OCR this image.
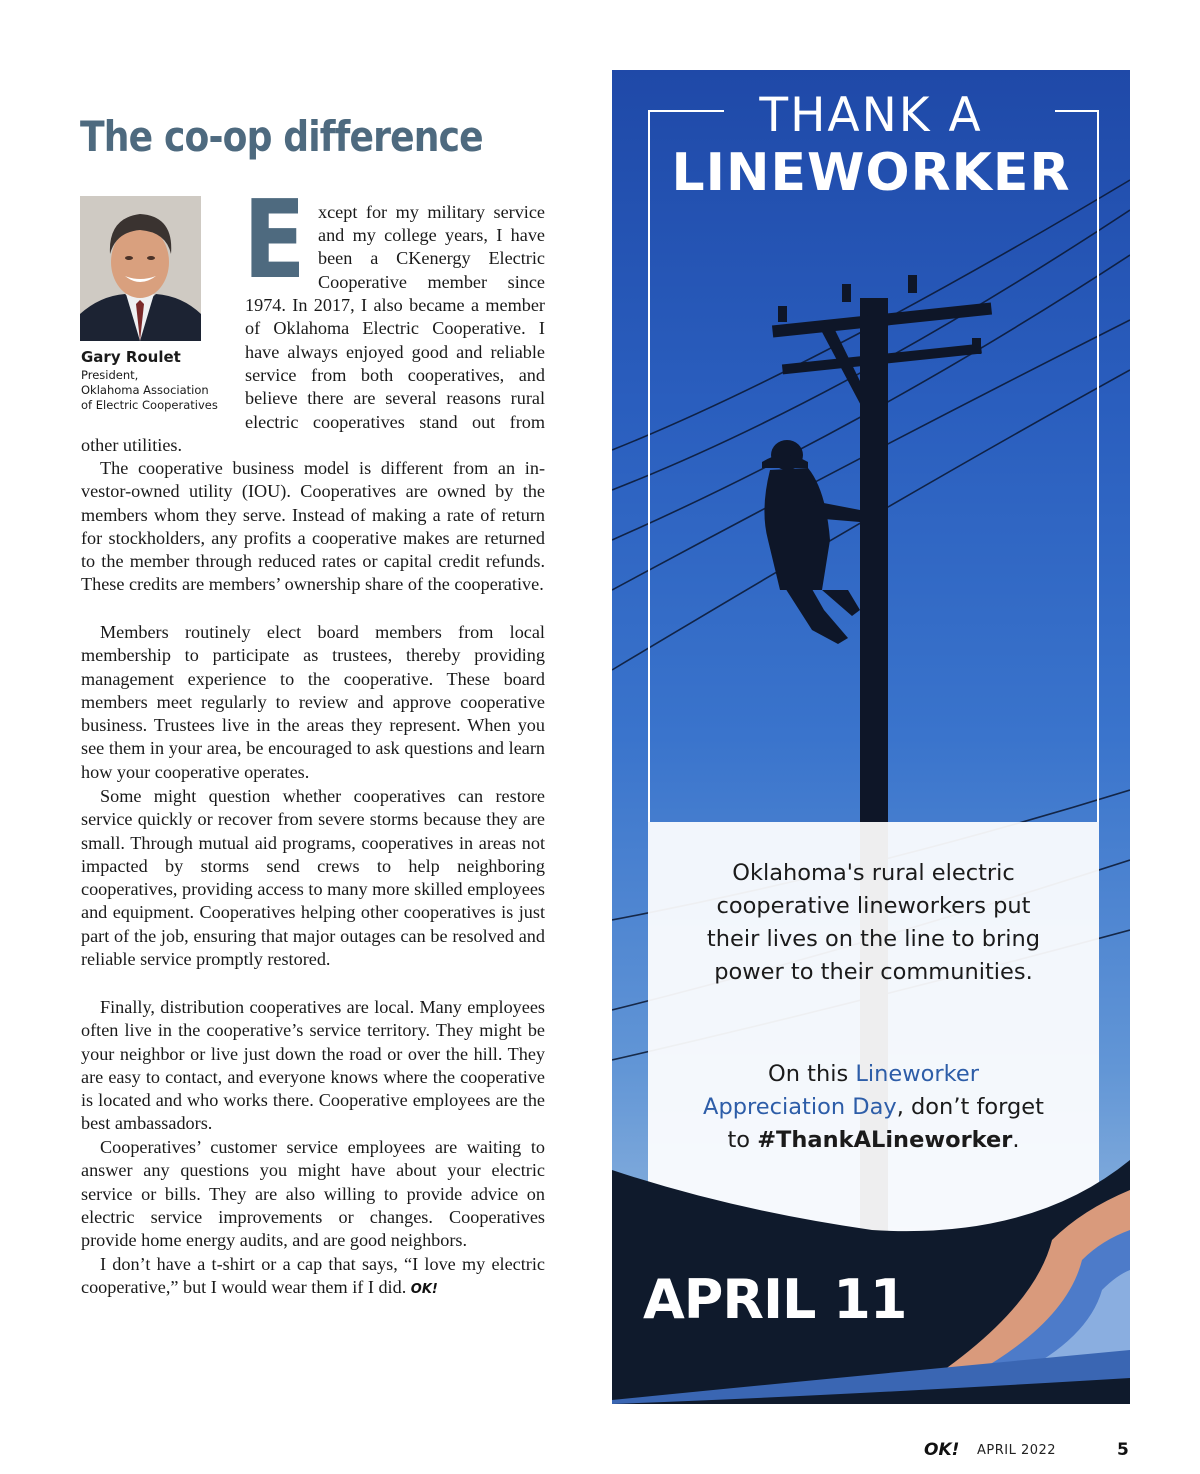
The co-op difference
Gary Roulet
President,
Oklahoma Association
of Electric Cooperatives
E xcept for my military service

and my college years, I have

been a CKenergy Electric

Cooperative member since

1974. In 2017, I also became a member

of Oklahoma Electric Cooperative. I

have always enjoyed good and reliable

service from both cooperatives, and

believe there are several reasons rural

electric cooperatives stand out from

other utilities.

The cooperative business model is different from an investor-owned utility (IOU). Cooperatives are owned by the members whom they serve. Instead of making a rate of return for stockholders, any profits a cooperative makes are returned to the member through reduced rates or capital credit refunds. These credits are members’ ownership share of the cooperative.

Members routinely elect board members from local membership to participate as trustees, thereby providing management experience to the cooperative. These board members meet regularly to review and approve cooperative business. Trustees live in the areas they represent. When you see them in your area, be encouraged to ask questions and learn how your cooperative operates.

Some might question whether cooperatives can restore service quickly or recover from severe storms because they are small. Through mutual aid programs, cooperatives in areas not impacted by storms send crews to help neighboring cooperatives, providing access to many more skilled employees and equipment. Cooperatives helping other cooperatives is just part of the job, ensuring that major outages can be resolved and reliable service promptly restored.

Finally, distribution cooperatives are local. Many employees often live in the cooperative’s service territory. They might be your neighbor or live just down the road or over the hill. They are easy to contact, and everyone knows where the cooperative is located and who works there. Cooperative employees are the best ambassadors.

Cooperatives’ customer service employees are waiting to answer any questions you might have about your electric service or bills. They are also willing to provide advice on electric service improvements or changes. Cooperatives provide home energy audits, and are good neighbors.

I don’t have a t-shirt or a cap that says, “I love my electric cooperative,” but I would wear them if I did. OK!

THANK A
LINEWORKER
Oklahoma's rural electric
cooperative lineworkers put
their lives on the line to bring
power to their communities.
On this Lineworker
Appreciation Day, don’t forget
to #ThankALineworker.
APRIL 11
OK! APRIL 2022	5
